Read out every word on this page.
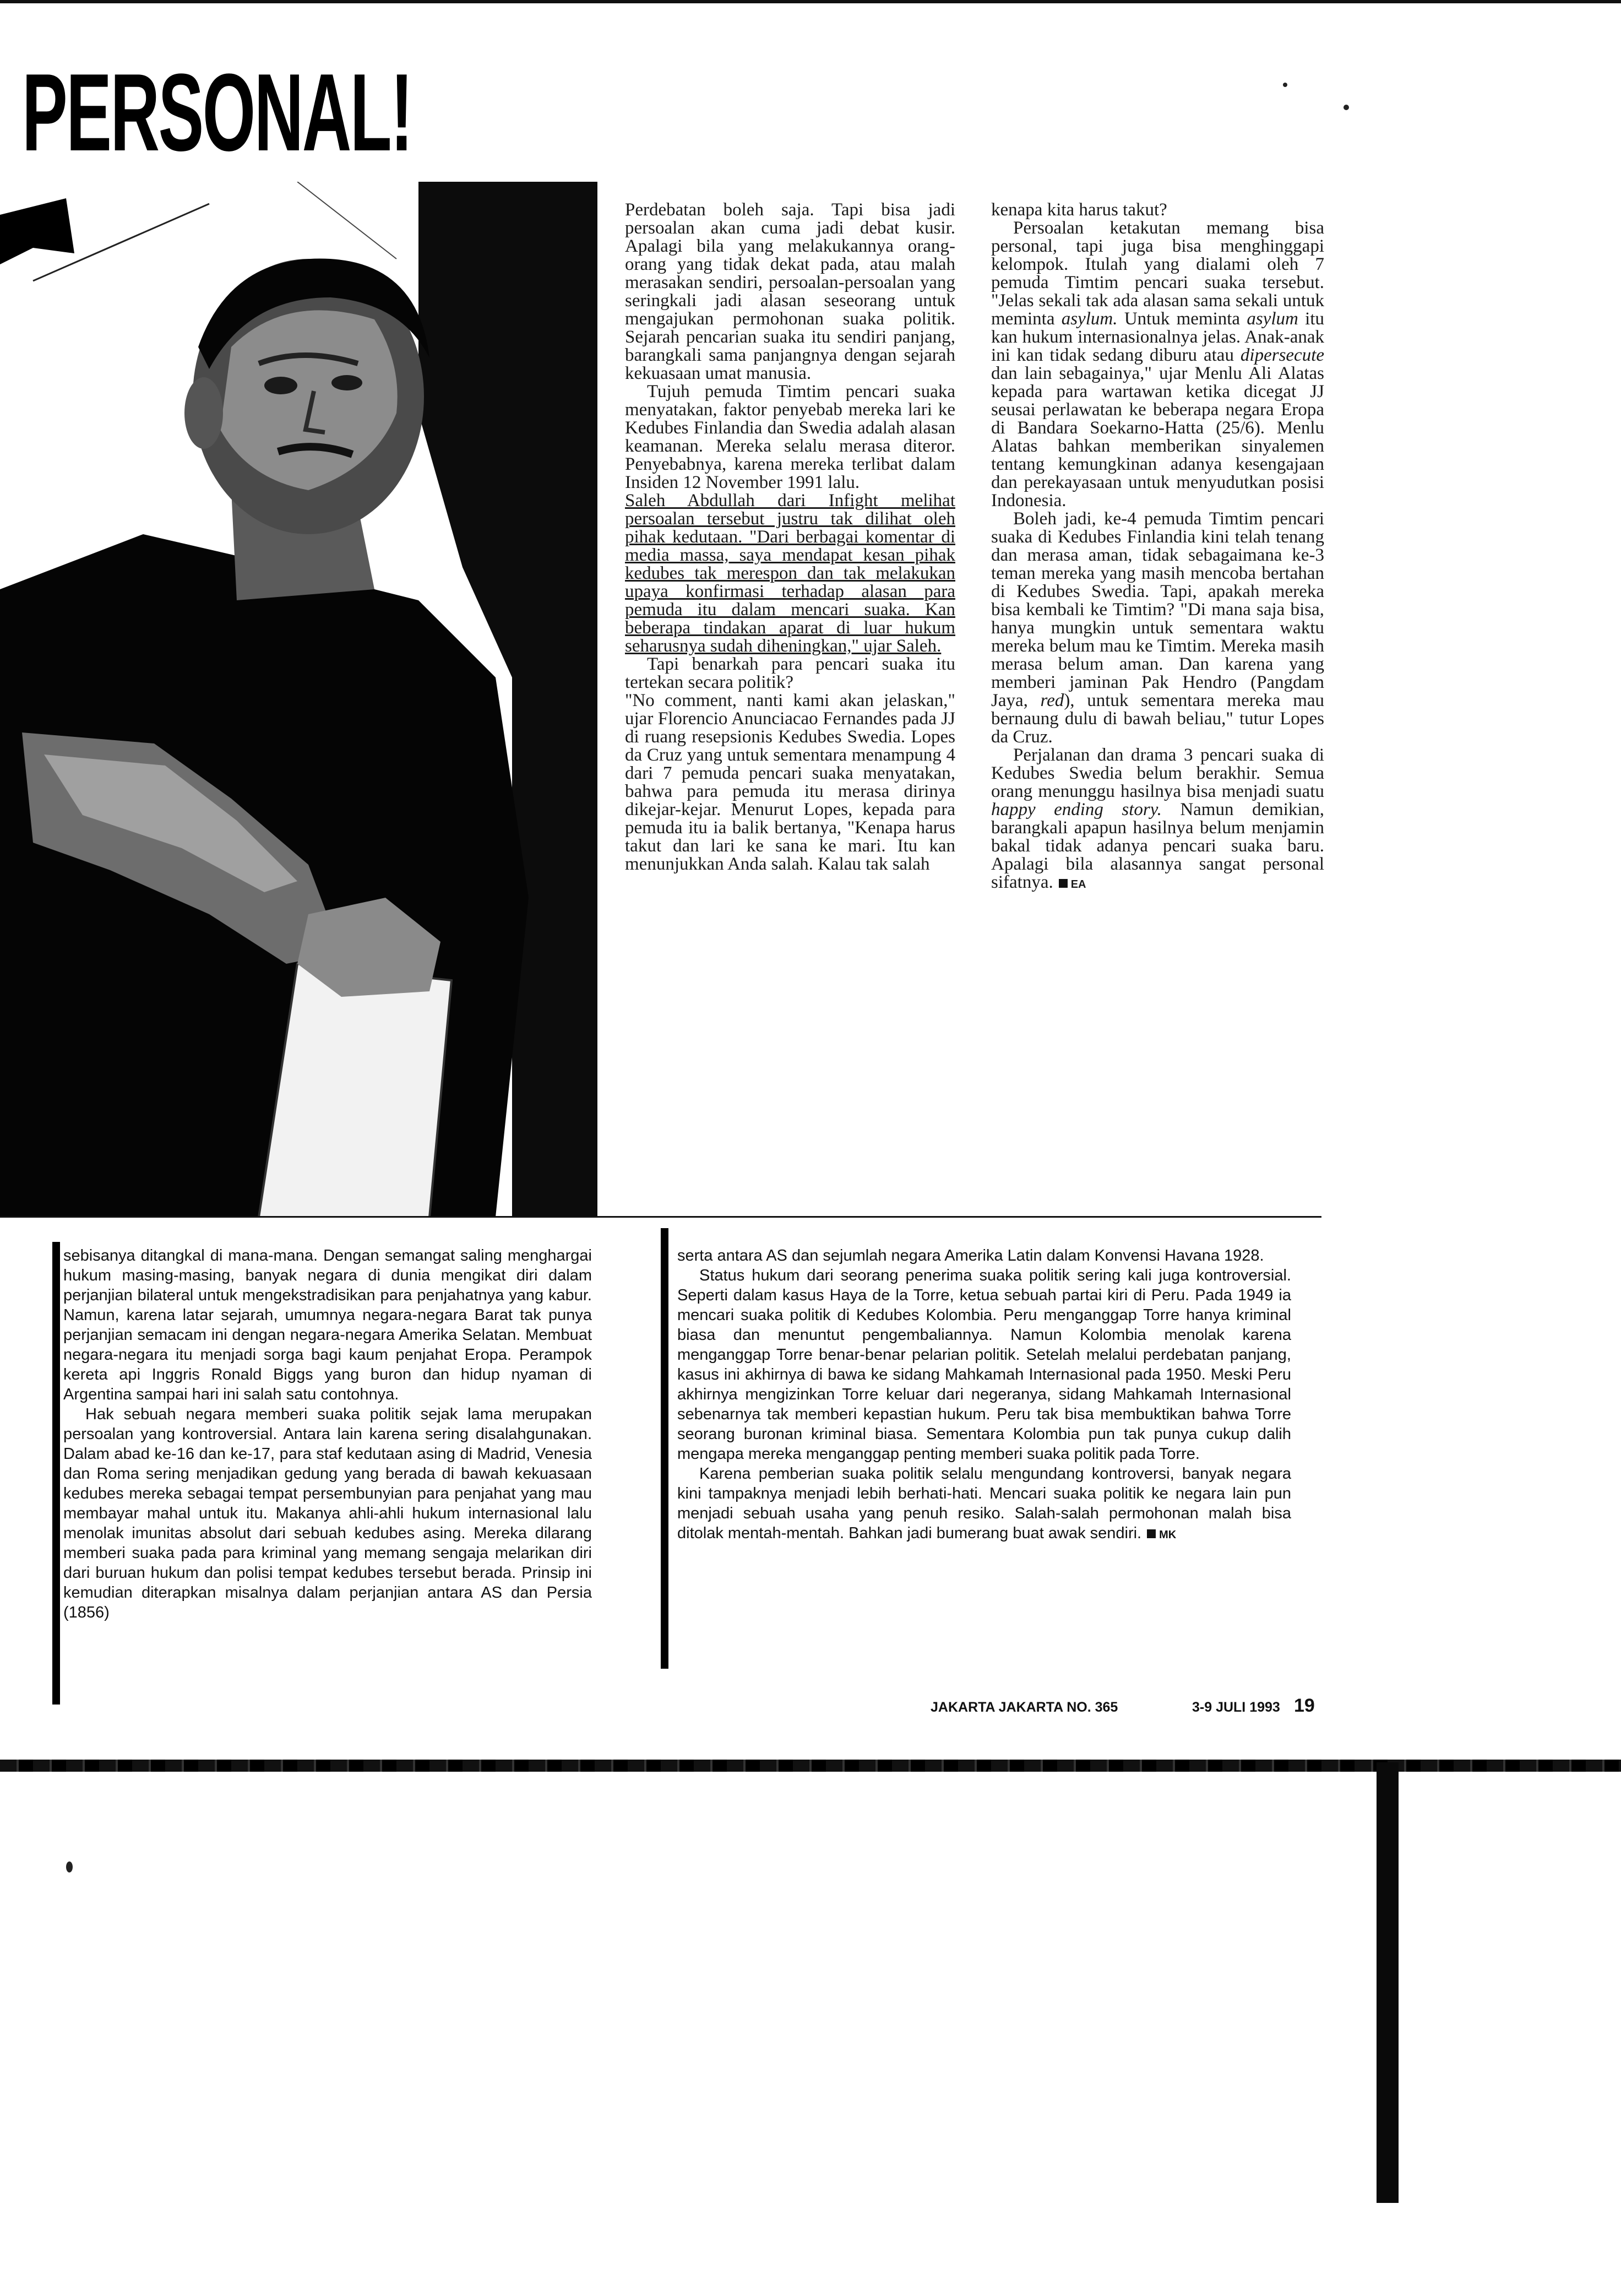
PERSONAL!

Perdebatan boleh saja. Tapi bisa jadi persoalan akan cuma jadi debat kusir. Apalagi bila yang melakukannya orang-orang yang tidak dekat pada, atau malah merasakan sendiri, persoalan-persoalan yang seringkali jadi alasan seseorang untuk mengajukan permohonan suaka politik. Sejarah pencarian suaka itu sendiri panjang, barangkali sama panjangnya dengan sejarah kekuasaan umat manusia.

Tujuh pemuda Timtim pencari suaka menyatakan, faktor penyebab mereka lari ke Kedubes Finlandia dan Swedia adalah alasan keamanan. Mereka selalu merasa diteror. Penyebabnya, karena mereka terlibat dalam Insiden 12 November 1991 lalu.

Saleh Abdullah dari Infight melihat persoalan tersebut justru tak dilihat oleh pihak kedutaan. "Dari berbagai komentar di media massa, saya mendapat kesan pihak kedubes tak merespon dan tak melakukan upaya konfirmasi terhadap alasan para pemuda itu dalam mencari suaka. Kan beberapa tindakan aparat di luar hukum seharusnya sudah diheningkan," ujar Saleh.

Tapi benarkah para pencari suaka itu tertekan secara politik?

"No comment, nanti kami akan jelaskan," ujar Florencio Anunciacao Fernandes pada JJ di ruang resepsionis Kedubes Swedia. Lopes da Cruz yang untuk sementara menampung 4 dari 7 pemuda pencari suaka menyatakan, bahwa para pemuda itu merasa dirinya dikejar-kejar. Menurut Lopes, kepada para pemuda itu ia balik bertanya, "Kenapa harus takut dan lari ke sana ke mari. Itu kan menunjukkan Anda salah. Kalau tak salah

kenapa kita harus takut?

Persoalan ketakutan memang bisa personal, tapi juga bisa menghinggapi kelompok. Itulah yang dialami oleh 7 pemuda Timtim pencari suaka tersebut. "Jelas sekali tak ada alasan sama sekali untuk meminta asylum. Untuk meminta asylum itu kan hukum internasionalnya jelas. Anak-anak ini kan tidak sedang diburu atau dipersecute dan lain sebagainya," ujar Menlu Ali Alatas kepada para wartawan ketika dicegat JJ seusai perlawatan ke beberapa negara Eropa di Bandara Soekarno-Hatta (25/6). Menlu Alatas bahkan memberikan sinyalemen tentang kemungkinan adanya kesengajaan dan perekayasaan untuk menyudutkan posisi Indonesia.

Boleh jadi, ke-4 pemuda Timtim pencari suaka di Kedubes Finlandia kini telah tenang dan merasa aman, tidak sebagaimana ke-3 teman mereka yang masih mencoba bertahan di Kedubes Swedia. Tapi, apakah mereka bisa kembali ke Timtim? "Di mana saja bisa, hanya mungkin untuk sementara waktu mereka belum mau ke Timtim. Mereka masih merasa belum aman. Dan karena yang memberi jaminan Pak Hendro (Pangdam Jaya, red), untuk sementara mereka mau bernaung dulu di bawah beliau," tutur Lopes da Cruz.

Perjalanan dan drama 3 pencari suaka di Kedubes Swedia belum berakhir. Semua orang menunggu hasilnya bisa menjadi suatu happy ending story. Namun demikian, barangkali apapun hasilnya belum menjamin bakal tidak adanya pencari suaka baru. Apalagi bila alasannya sangat personal sifatnya. EA

sebisanya ditangkal di mana-mana. Dengan semangat saling menghargai hukum masing-masing, banyak negara di dunia mengikat diri dalam perjanjian bilateral untuk mengekstradisikan para penjahatnya yang kabur. Namun, karena latar sejarah, umumnya negara-negara Barat tak punya perjanjian semacam ini dengan negara-negara Amerika Selatan. Membuat negara-negara itu menjadi sorga bagi kaum penjahat Eropa. Perampok kereta api Inggris Ronald Biggs yang buron dan hidup nyaman di Argentina sampai hari ini salah satu contohnya.

Hak sebuah negara memberi suaka politik sejak lama merupakan persoalan yang kontroversial. Antara lain karena sering disalahgunakan. Dalam abad ke-16 dan ke-17, para staf kedutaan asing di Madrid, Venesia dan Roma sering menjadikan gedung yang berada di bawah kekuasaan kedubes mereka sebagai tempat persembunyian para penjahat yang mau membayar mahal untuk itu. Makanya ahli-ahli hukum internasional lalu menolak imunitas absolut dari sebuah kedubes asing. Mereka dilarang memberi suaka pada para kriminal yang memang sengaja melarikan diri dari buruan hukum dan polisi tempat kedubes tersebut berada. Prinsip ini kemudian diterapkan misalnya dalam perjanjian antara AS dan Persia (1856)

serta antara AS dan sejumlah negara Amerika Latin dalam Konvensi Havana 1928.

Status hukum dari seorang penerima suaka politik sering kali juga kontroversial. Seperti dalam kasus Haya de la Torre, ketua sebuah partai kiri di Peru. Pada 1949 ia mencari suaka politik di Kedubes Kolombia. Peru menganggap Torre hanya kriminal biasa dan menuntut pengembaliannya. Namun Kolombia menolak karena menganggap Torre benar-benar pelarian politik. Setelah melalui perdebatan panjang, kasus ini akhirnya di bawa ke sidang Mahkamah Internasional pada 1950. Meski Peru akhirnya mengizinkan Torre keluar dari negeranya, sidang Mahkamah Internasional sebenarnya tak memberi kepastian hukum. Peru tak bisa membuktikan bahwa Torre seorang buronan kriminal biasa. Sementara Kolombia pun tak punya cukup dalih mengapa mereka menganggap penting memberi suaka politik pada Torre.

Karena pemberian suaka politik selalu mengundang kontroversi, banyak negara kini tampaknya menjadi lebih berhati-hati. Mencari suaka politik ke negara lain pun menjadi sebuah usaha yang penuh resiko. Salah-salah permohonan malah bisa ditolak mentah-mentah. Bahkan jadi bumerang buat awak sendiri. MK

JAKARTA JAKARTA NO. 365	3-9 JULI 1993 19
